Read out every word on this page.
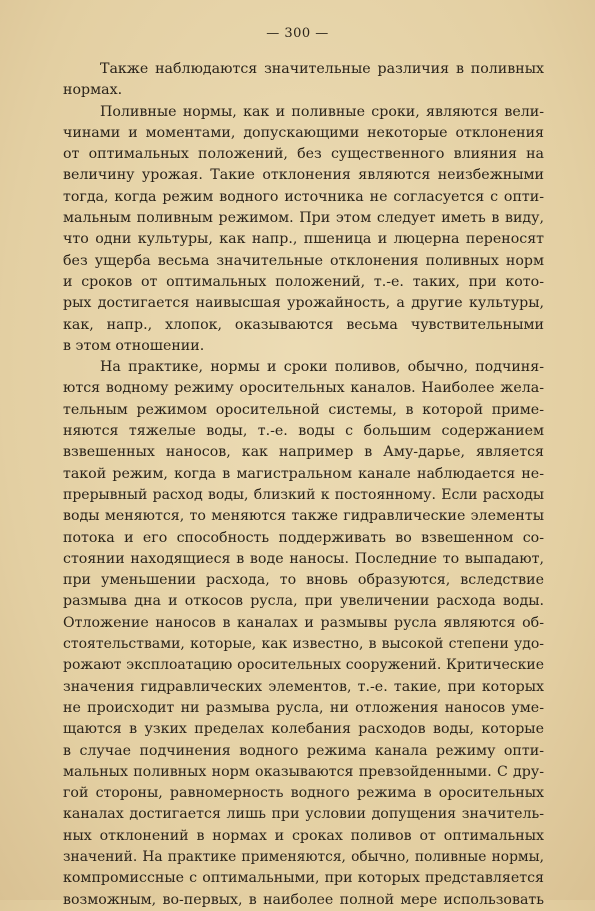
— 300 —
Также наблюдаются значительные различия в поливных
нормах.
Поливные нормы, как и поливные сроки, являются вели-
чинами и моментами, допускающими некоторые отклонения
от оптимальных положений, без существенного влияния на
величину урожая. Такие отклонения являются неизбежными
тогда, когда режим водного источника не согласуется с опти-
мальным поливным режимом. При этом следует иметь в виду,
что одни культуры, как напр., пшеница и люцерна переносят
без ущерба весьма значительные отклонения поливных норм
и сроков от оптимальных положений, т.-е. таких, при кото-
рых достигается наивысшая урожайность, а другие культуры,
как, напр., хлопок, оказываются весьма чувствительными
в этом отношении.
На практике, нормы и сроки поливов, обычно, подчиня-
ются водному режиму оросительных каналов. Наиболее жела-
тельным режимом оросительной системы, в которой приме-
няются тяжелые воды, т.-е. воды с большим содержанием
взвешенных наносов, как например в Аму-дарье, является
такой режим, когда в магистральном канале наблюдается не-
прерывный расход воды, близкий к постоянному. Если расходы
воды меняются, то меняются также гидравлические элементы
потока и его способность поддерживать во взвешенном со-
стоянии находящиеся в воде наносы. Последние то выпадают,
при уменьшении расхода, то вновь образуются, вследствие
размыва дна и откосов русла, при увеличении расхода воды.
Отложение наносов в каналах и размывы русла являются об-
стоятельствами, которые, как известно, в высокой степени удо-
рожают эксплоатацию оросительных сооружений. Критические
значения гидравлических элементов, т.-е. такие, при которых
не происходит ни размыва русла, ни отложения наносов уме-
щаются в узких пределах колебания расходов воды, которые
в случае подчинения водного режима канала режиму опти-
мальных поливных норм оказываются превзойденными. С дру-
гой стороны, равномерность водного режима в оросительных
каналах достигается лишь при условии допущения значитель-
ных отклонений в нормах и сроках поливов от оптимальных
значений. На практике применяются, обычно, поливные нормы,
компромиссные с оптимальными, при которых представляется
возможным, во-первых, в наиболее полной мере использовать
